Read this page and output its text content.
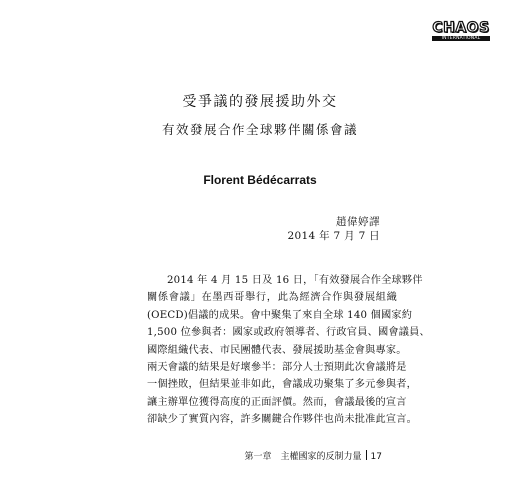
CHAOS
INTERNATIONAL
受爭議的發展援助外交
有效發展合作全球夥伴關係會議
Florent Bédécarrats
趙偉婷譯
2014 年 7 月 7 日
2014 年 4 月 15 日及 16 日，「有效發展合作全球夥伴
關係會議」在墨西哥舉行，此為經濟合作與發展組織
(OECD)倡議的成果。會中聚集了來自全球 140 個國家約
1,500 位參與者：國家或政府領導者、行政官員、國會議員、
國際組織代表、市民團體代表、發展援助基金會與專家。
兩天會議的結果是好壞參半：部分人士預期此次會議將是
一個挫敗，但結果並非如此，會議成功聚集了多元參與者，
讓主辦單位獲得高度的正面評價。然而，會議最後的宣言
卻缺少了實質內容，許多關鍵合作夥伴也尚未批准此宣言。
第一章　主權國家的反制力量 17
